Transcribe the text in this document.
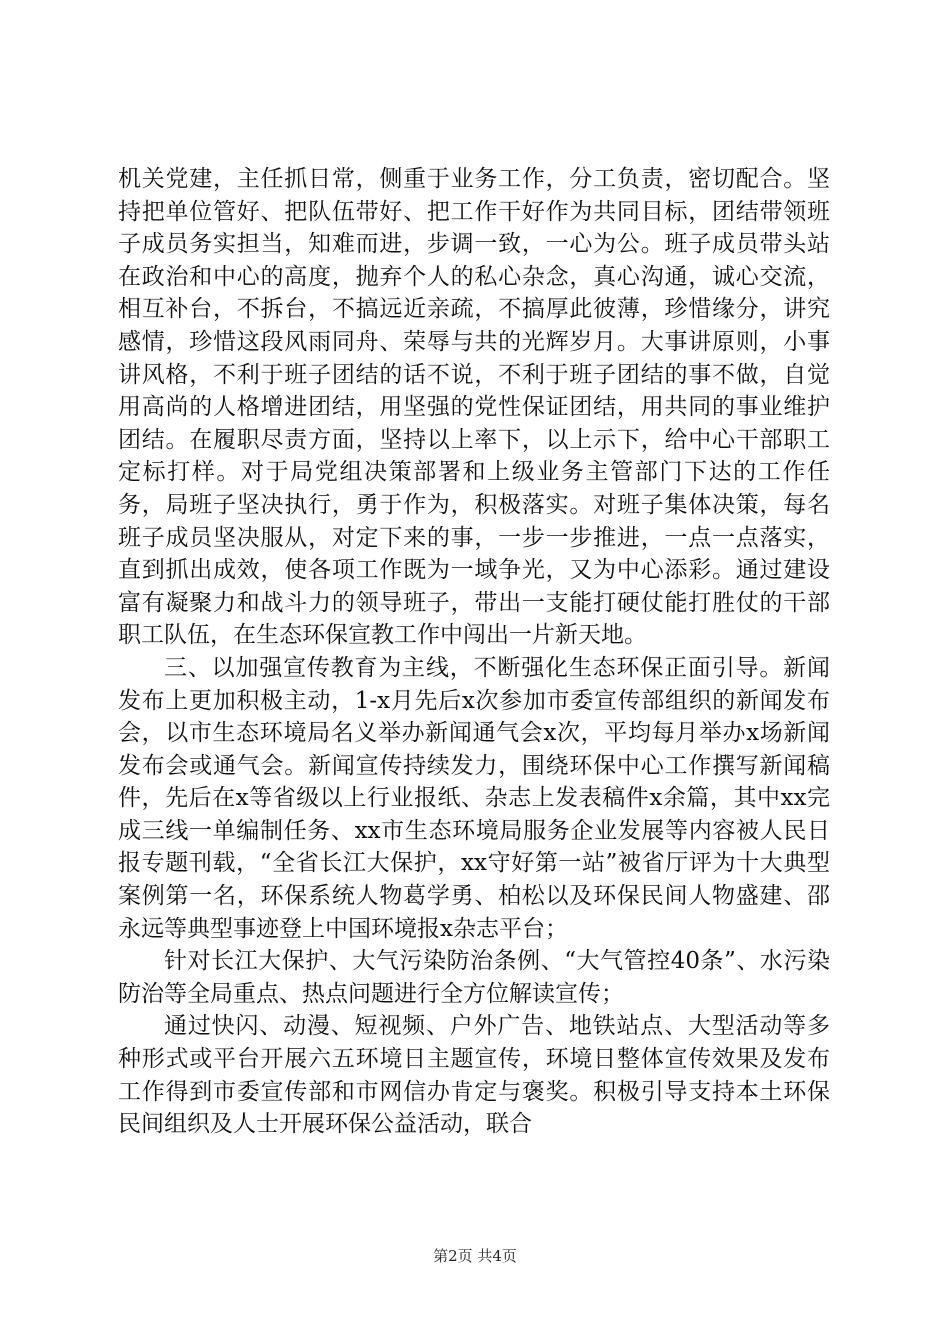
机关党建，主任抓日常，侧重于业务工作，分工负责，密切配合。坚持把单位管好、把队伍带好、把工作干好作为共同目标，团结带领班子成员务实担当，知难而进，步调一致，一心为公。班子成员带头站在政治和中心的高度，抛弃个人的私心杂念，真心沟通，诚心交流，相互补台，不拆台，不搞远近亲疏，不搞厚此彼薄，珍惜缘分，讲究感情，珍惜这段风雨同舟、荣辱与共的光辉岁月。大事讲原则，小事讲风格，不利于班子团结的话不说，不利于班子团结的事不做，自觉用高尚的人格增进团结，用坚强的党性保证团结，用共同的事业维护团结。在履职尽责方面，坚持以上率下，以上示下，给中心干部职工定标打样。对于局党组决策部署和上级业务主管部门下达的工作任务，局班子坚决执行，勇于作为，积极落实。对班子集体决策，每名班子成员坚决服从，对定下来的事，一步一步推进，一点一点落实，直到抓出成效，使各项工作既为一域争光，又为中心添彩。通过建设富有凝聚力和战斗力的领导班子，带出一支能打硬仗能打胜仗的干部职工队伍，在生态环保宣教工作中闯出一片新天地。

三、以加强宣传教育为主线，不断强化生态环保正面引导。新闻发布上更加积极主动，1-x月先后x次参加市委宣传部组织的新闻发布会，以市生态环境局名义举办新闻通气会x次，平均每月举办x场新闻发布会或通气会。新闻宣传持续发力，围绕环保中心工作撰写新闻稿件，先后在x等省级以上行业报纸、杂志上发表稿件x余篇，其中xx完成三线一单编制任务、xx市生态环境局服务企业发展等内容被人民日报专题刊载，“全省长江大保护，xx守好第一站”被省厅评为十大典型案例第一名，环保系统人物葛学勇、柏松以及环保民间人物盛建、邵永远等典型事迹登上中国环境报x杂志平台；

针对长江大保护、大气污染防治条例、“大气管控40条”、水污染防治等全局重点、热点问题进行全方位解读宣传；

通过快闪、动漫、短视频、户外广告、地铁站点、大型活动等多种形式或平台开展六五环境日主题宣传，环境日整体宣传效果及发布工作得到市委宣传部和市网信办肯定与褒奖。积极引导支持本土环保民间组织及人士开展环保公益活动，联合

第2页 共4页
